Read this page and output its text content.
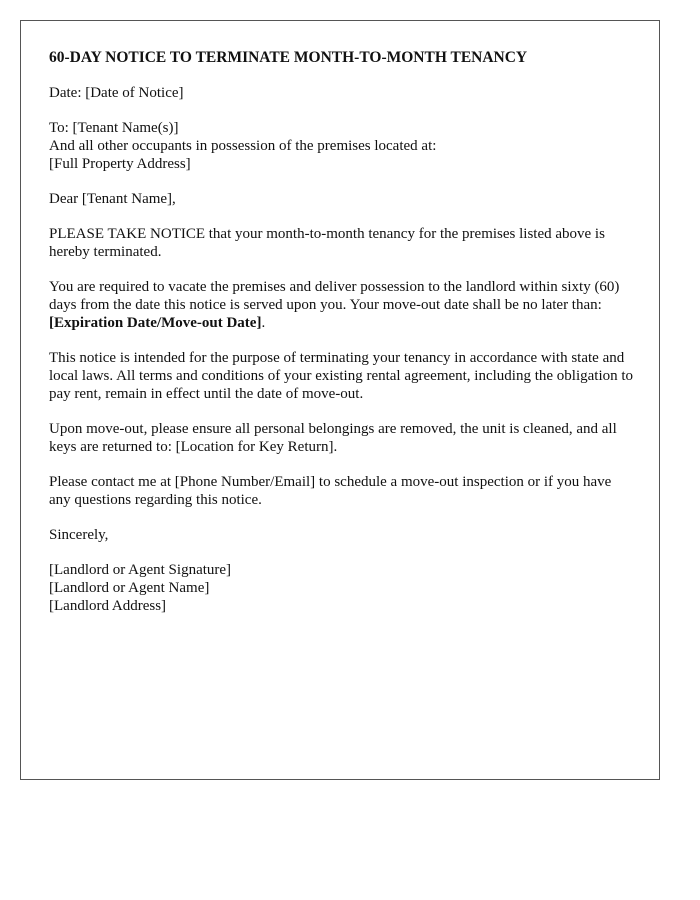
60-DAY NOTICE TO TERMINATE MONTH-TO-MONTH TENANCY

Date: [Date of Notice]

To: [Tenant Name(s)]
And all other occupants in possession of the premises located at:
[Full Property Address]

Dear [Tenant Name],

PLEASE TAKE NOTICE that your month-to-month tenancy for the premises listed above is hereby terminated.

You are required to vacate the premises and deliver possession to the landlord within sixty (60) days from the date this notice is served upon you. Your move-out date shall be no later than: [Expiration Date/Move-out Date].

This notice is intended for the purpose of terminating your tenancy in accordance with state and local laws. All terms and conditions of your existing rental agreement, including the obligation to pay rent, remain in effect until the date of move-out.

Upon move-out, please ensure all personal belongings are removed, the unit is cleaned, and all keys are returned to: [Location for Key Return].

Please contact me at [Phone Number/Email] to schedule a move-out inspection or if you have any questions regarding this notice.

Sincerely,

[Landlord or Agent Signature]
[Landlord or Agent Name]
[Landlord Address]
